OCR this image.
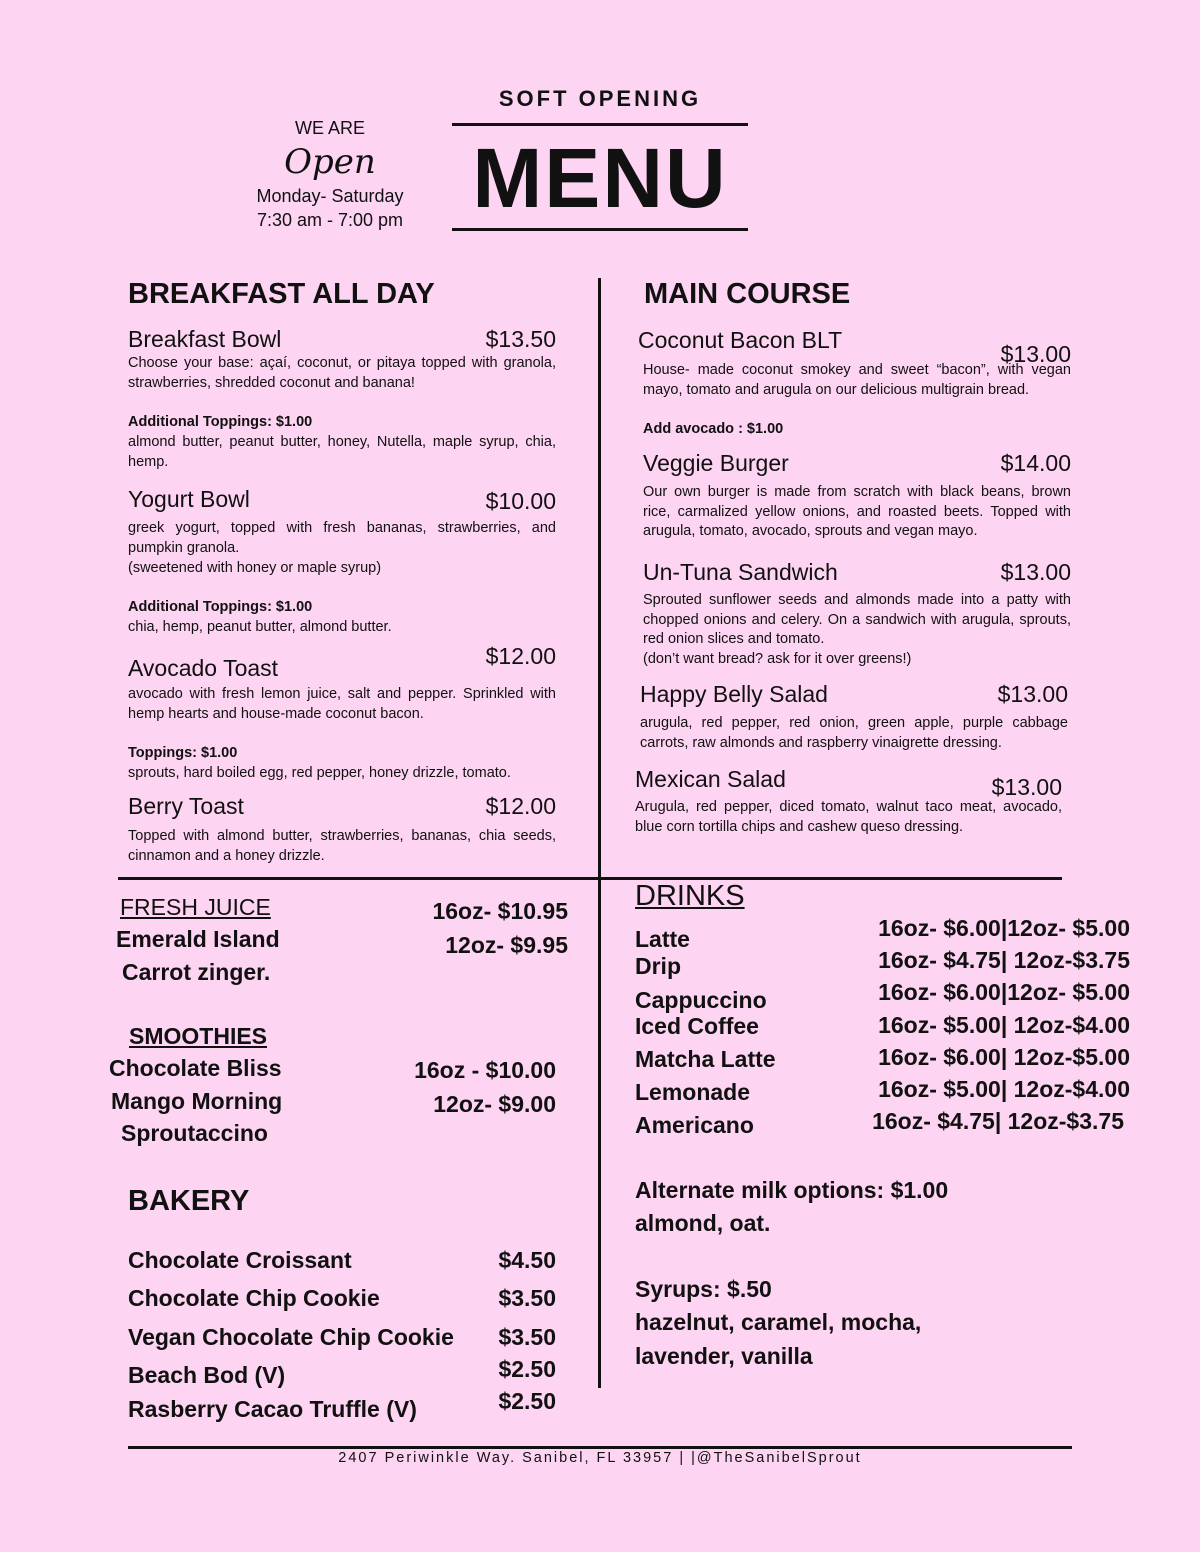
WE ARE
Open
Monday- Saturday
7:30 am - 7:00 pm
SOFT OPENING
MENU
BREAKFAST ALL DAY
Breakfast Bowl	$13.50
Choose your base: açaí, coconut, or pitaya topped with granola, strawberries, shredded coconut and banana!
Additional Toppings: $1.00
almond butter, peanut butter, honey, Nutella, maple syrup, chia, hemp.
Yogurt Bowl	$10.00
greek yogurt, topped with fresh bananas, strawberries, and pumpkin granola.
(sweetened with honey or maple syrup)
Additional Toppings: $1.00
chia, hemp, peanut butter, almond butter.
Avocado Toast	$12.00
avocado with fresh lemon juice, salt and pepper. Sprinkled with hemp hearts and house-made coconut bacon.
Toppings: $1.00
sprouts, hard boiled egg, red pepper, honey drizzle, tomato.
Berry Toast	$12.00
Topped with almond butter, strawberries, bananas, chia seeds, cinnamon and a honey drizzle.
MAIN COURSE
Coconut Bacon BLT
$13.00
House- made coconut smokey and sweet “bacon”, with vegan mayo, tomato and arugula on our delicious multigrain bread.
Add avocado : $1.00
Veggie Burger	$14.00
Our own burger is made from scratch with black beans, brown rice, carmalized yellow onions, and roasted beets. Topped with arugula, tomato, avocado, sprouts and vegan mayo.
Un-Tuna Sandwich	$13.00
Sprouted sunflower seeds and almonds made into a patty with chopped onions and celery. On a sandwich with arugula, sprouts, red onion slices and tomato.
(don’t want bread? ask for it over greens!)
Happy Belly Salad	$13.00
arugula, red pepper, red onion, green apple, purple cabbage carrots, raw almonds and raspberry vinaigrette dressing.
Mexican Salad	$13.00
Arugula, red pepper, diced tomato, walnut taco meat, avocado, blue corn tortilla chips and cashew queso dressing.
FRESH JUICE
Emerald Island
Carrot zinger.
16oz- $10.95
12oz- $9.95
SMOOTHIES
Chocolate Bliss
Mango Morning
Sproutaccino
16oz - $10.00
12oz- $9.00
BAKERY
Chocolate Croissant	$4.50
Chocolate Chip Cookie	$3.50
Vegan Chocolate Chip Cookie	$3.50
Beach Bod (V)	$2.50
Rasberry Cacao Truffle (V)	$2.50
DRINKS
Latte	16oz- $6.00|12oz- $5.00
Drip	16oz- $4.75| 12oz-$3.75
Cappuccino	16oz- $6.00|12oz- $5.00
Iced Coffee	16oz- $5.00| 12oz-$4.00
Matcha Latte	16oz- $6.00| 12oz-$5.00
Lemonade	16oz- $5.00| 12oz-$4.00
Americano	16oz- $4.75| 12oz-$3.75
Alternate milk options: $1.00
almond, oat.
Syrups: $.50
hazelnut, caramel, mocha,
lavender, vanilla
2407 Periwinkle Way. Sanibel, FL 33957 | |@TheSanibelSprout
